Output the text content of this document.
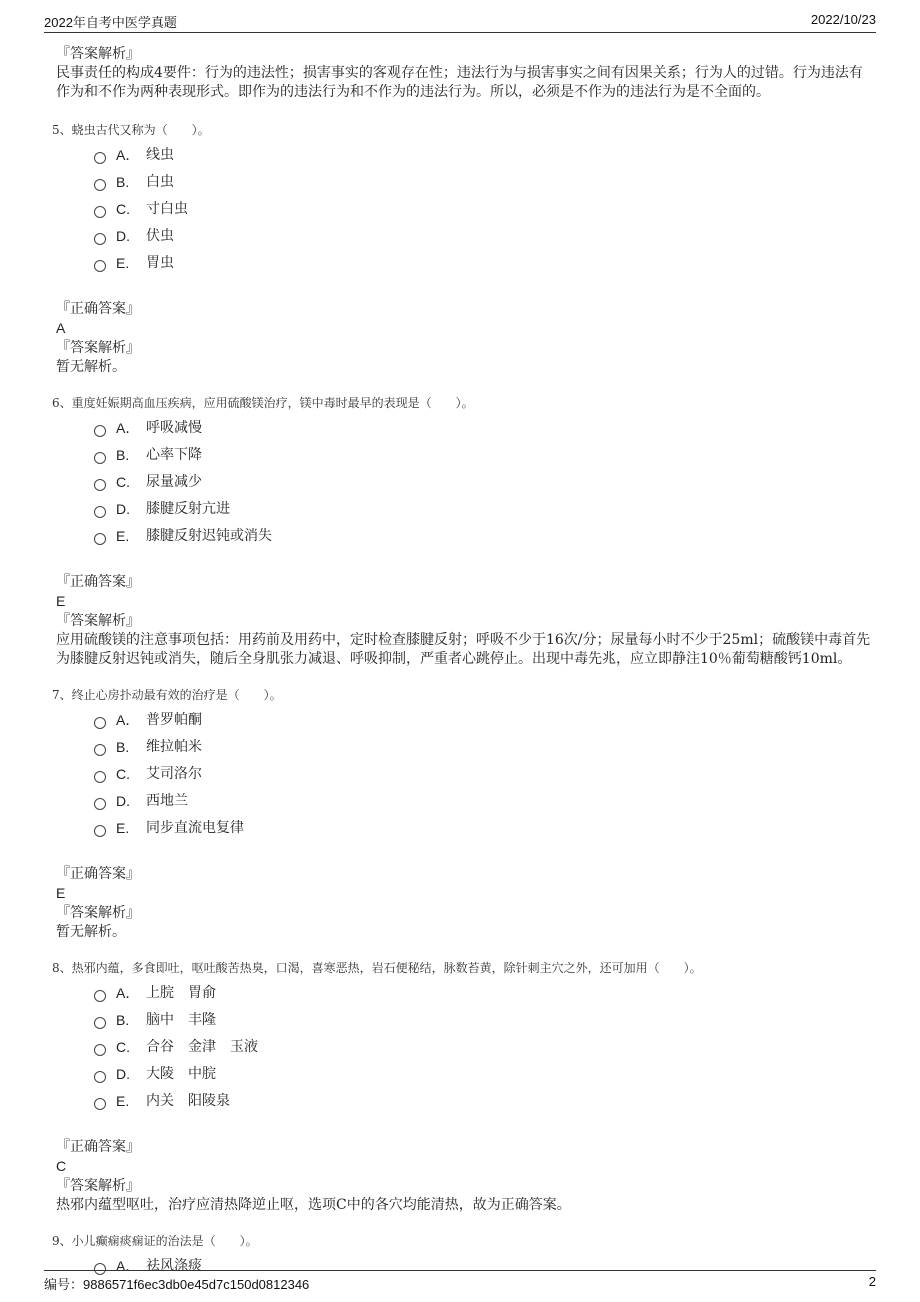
2022年自考中医学真题	2022/10/23
『答案解析』
民事责任的构成4要件：行为的违法性；损害事实的客观存在性；违法行为与损害事实之间有因果关系；行为人的过错。行为违法有作为和不作为两种表现形式。即作为的违法行为和不作为的违法行为。所以，必须是不作为的违法行为是不全面的。
5、蛲虫古代又称为（　　）。
A． 线虫
B.	白虫
C.	寸白虫
D.	伏虫
E.	胃虫
『正确答案』
A
『答案解析』
暂无解析。
6、重度妊娠期高血压疾病，应用硫酸镁治疗，镁中毒时最早的表现是（　　）。
A． 呼吸减慢
B.	心率下降
C.	尿量减少
D.	膝腱反射亢进
E.	膝腱反射迟钝或消失
『正确答案』
E
『答案解析』
应用硫酸镁的注意事项包括：用药前及用药中，定时检查膝腱反射；呼吸不少于16次/分；尿量每小时不少于25ml；硫酸镁中毒首先为膝腱反射迟钝或消失，随后全身肌张力减退、呼吸抑制，严重者心跳停止。出现中毒先兆，应立即静注10％葡萄糖酸钙10ml。
7、终止心房扑动最有效的治疗是（　　）。
A． 普罗帕酮
B.	维拉帕米
C.	艾司洛尔
D.	西地兰
E.	同步直流电复律
『正确答案』
E
『答案解析』
暂无解析。
8、热邪内蕴，多食即吐，呕吐酸苦热臭，口渴，喜寒恶热，岩石便秘结，脉数苔黄，除针刺主穴之外，还可加用（　　）。
A． 上脘　胃俞
B.	脑中　丰隆
C.	合谷　金津　玉液
D.	大陵　中脘
E.	内关　阳陵泉
『正确答案』
C
『答案解析』
热邪内蕴型呕吐，治疗应清热降逆止呕，选项C中的各穴均能清热，故为正确答案。
9、小儿癫痫痰痫证的治法是（　　）。
A． 祛风涤痰
编号：9886571f6ec3db0e45d7c150d0812346	2
